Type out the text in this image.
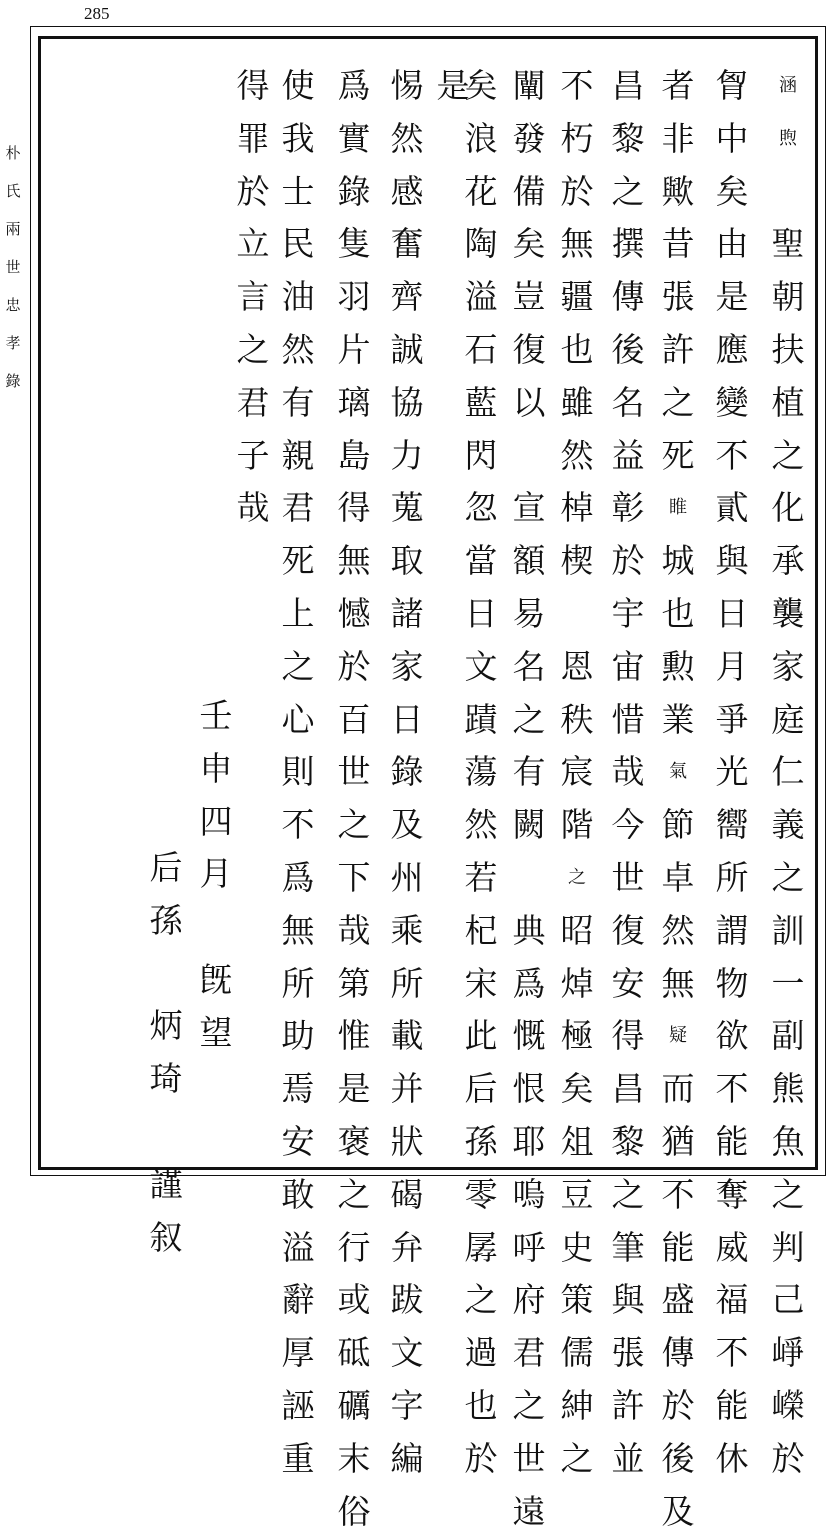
285
朴
氏
兩
世
忠
孝
錄
涵
煦
聖
朝
扶
植
之
化
承
襲
家
庭
仁
義
之
訓
一
副
熊
魚
之
判
己
崢
嶸
於
胷
中
矣
由
是
應
變
不
貳
與
日
月
爭
光
嚮
所
謂
物
欲
不
能
奪
威
福
不
能
休
者
非
歟
昔
張
許
之
死
睢
城
也
勲
業
氣
節
卓
然
無
疑
而
猶
不
能
盛
傳
於
後
及
昌
黎
之
撰
傳
後
名
益
彰
於
宇
宙
惜
哉
今
世
復
安
得
昌
黎
之
筆
與
張
許
並
不
朽
於
無
疆
也
雖
然
棹
楔
恩
秩
宸
階
之
昭
焯
極
矣
俎
豆
史
策
儒
紳
之
闡
發
備
矣
豈
復
以
宣
額
易
名
之
有
闕
典
爲
慨
恨
耶
嗚
呼
府
君
之
世
遠
矣
浪
花
陶
溢
石
藍
閃
忽
當
日
文
蹟
蕩
然
若
杞
宋
此
后
孫
零
孱
之
過
也
於
是
惕
然
感
奮
齊
誠
協
力
蒐
取
諸
家
日
錄
及
州
乘
所
載
并
狀
碣
弁
跋
文
字
編
爲
實
錄
隻
羽
片
璃
島
得
無
憾
於
百
世
之
下
哉
第
惟
是
褒
之
行
或
砥
礪
末
俗
使
我
士
民
油
然
有
親
君
死
上
之
心
則
不
爲
無
所
助
焉
安
敢
溢
辭
厚
誣
重
得
罪
於
立
言
之
君
子
哉
壬
申
四
月
旣
望
后
孫
炳
琦
謹
叙
